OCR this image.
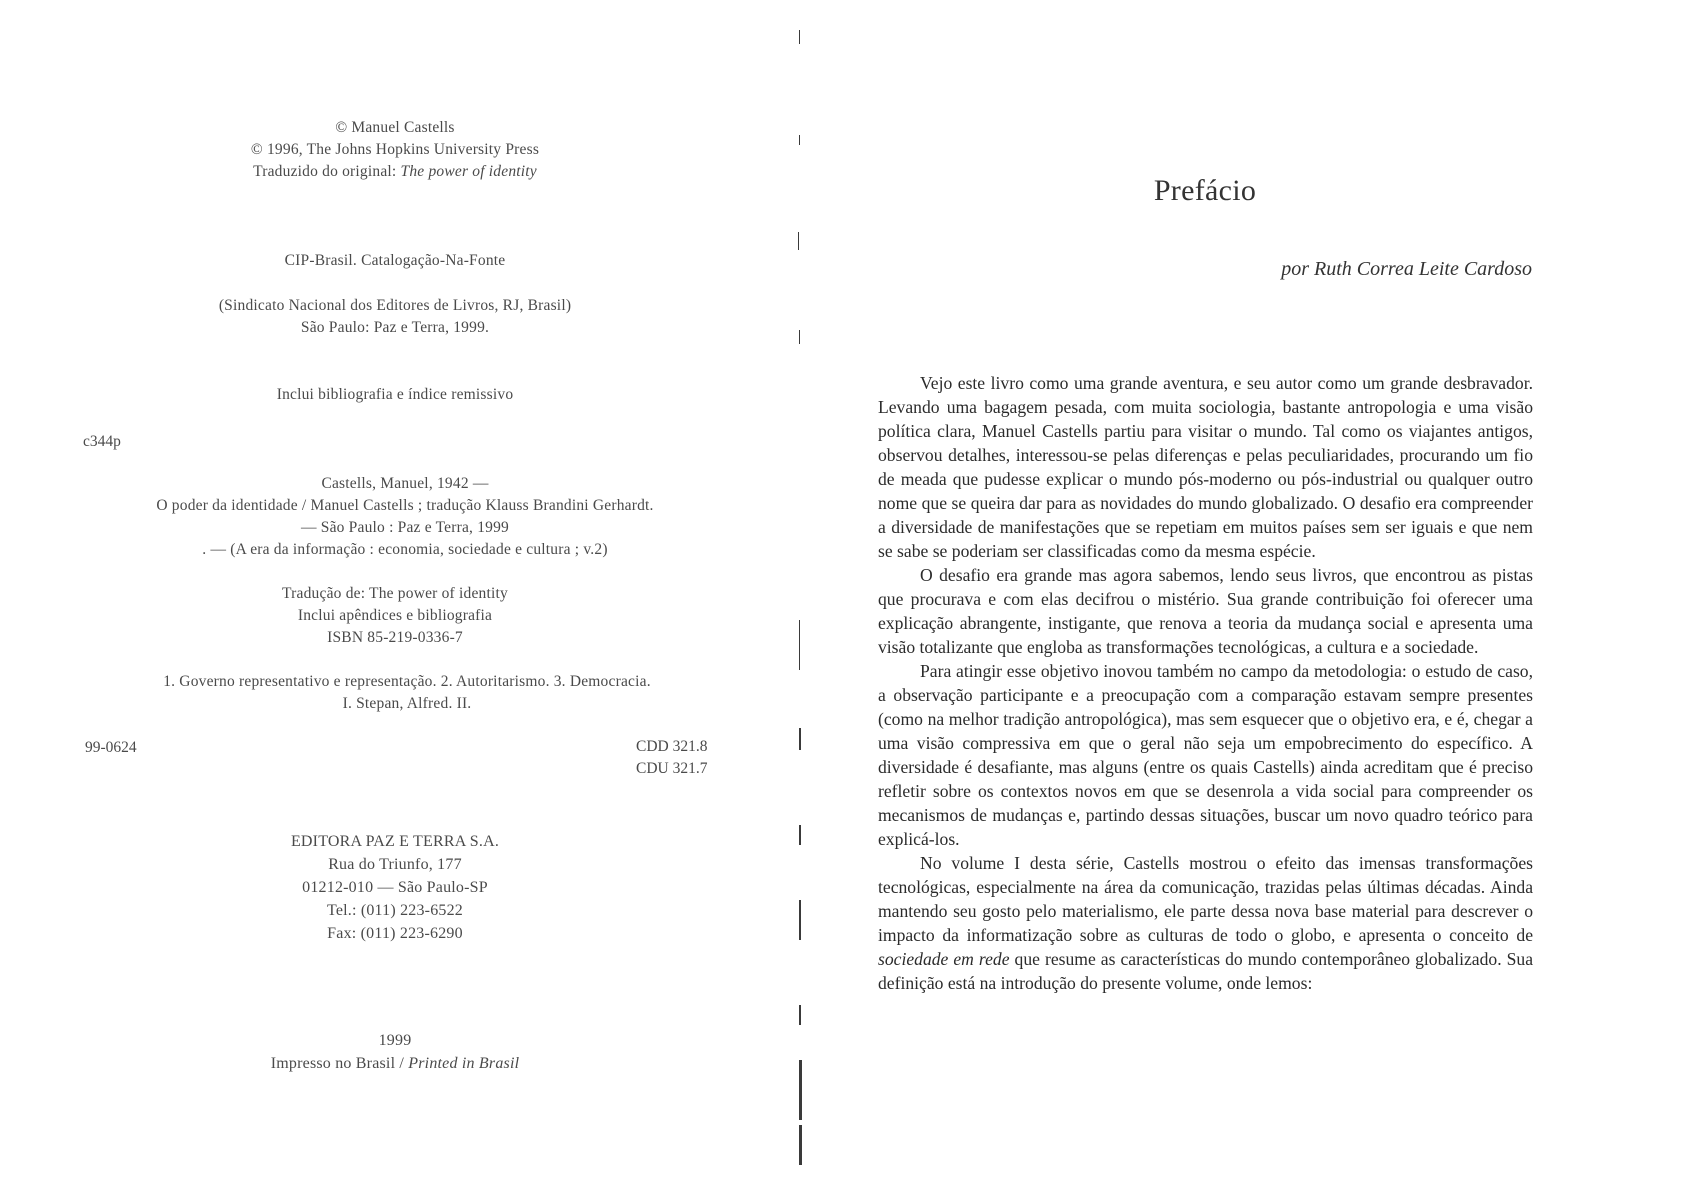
© Manuel Castells
© 1996, The Johns Hopkins University Press
Traduzido do original: The power of identity
CIP-Brasil. Catalogação-Na-Fonte
(Sindicato Nacional dos Editores de Livros, RJ, Brasil)
São Paulo: Paz e Terra, 1999.
Inclui bibliografia e índice remissivo
c344p
Castells, Manuel, 1942 —
O poder da identidade / Manuel Castells ; tradução Klauss Brandini Gerhardt.
— São Paulo : Paz e Terra, 1999
. — (A era da informação : economia, sociedade e cultura ; v.2)
Tradução de: The power of identity
Inclui apêndices e bibliografia
ISBN 85-219-0336-7
1. Governo representativo e representação. 2. Autoritarismo. 3. Democracia.
I. Stepan, Alfred. II.
99-0624	CDD 321.8
CDU 321.7
EDITORA PAZ E TERRA S.A.
Rua do Triunfo, 177
01212-010 — São Paulo-SP
Tel.: (011) 223-6522
Fax: (011) 223-6290
1999
Impresso no Brasil / Printed in Brasil
Prefácio
por Ruth Correa Leite Cardoso

Vejo este livro como uma grande aventura, e seu autor como um grande desbravador. Levando uma bagagem pesada, com muita sociologia, bastante antropologia e uma visão política clara, Manuel Castells partiu para visitar o mundo. Tal como os viajantes antigos, observou detalhes, interessou-se pelas diferenças e pelas peculiaridades, procurando um fio de meada que pudesse explicar o mundo pós-moderno ou pós-industrial ou qualquer outro nome que se queira dar para as novidades do mundo globalizado. O desafio era compreender a diversidade de manifestações que se repetiam em muitos países sem ser iguais e que nem se sabe se poderiam ser classificadas como da mesma espécie.

O desafio era grande mas agora sabemos, lendo seus livros, que encontrou as pistas que procurava e com elas decifrou o mistério. Sua grande contribuição foi oferecer uma explicação abrangente, instigante, que renova a teoria da mudança social e apresenta uma visão totalizante que engloba as transformações tecnológicas, a cultura e a sociedade.

Para atingir esse objetivo inovou também no campo da metodologia: o estudo de caso, a observação participante e a preocupação com a comparação estavam sempre presentes (como na melhor tradição antropológica), mas sem esquecer que o objetivo era, e é, chegar a uma visão compressiva em que o geral não seja um empobrecimento do específico. A diversidade é desafiante, mas alguns (entre os quais Castells) ainda acreditam que é preciso refletir sobre os contextos novos em que se desenrola a vida social para compreender os mecanismos de mudanças e, partindo dessas situações, buscar um novo quadro teórico para explicá-los.

No volume I desta série, Castells mostrou o efeito das imensas transformações tecnológicas, especialmente na área da comunicação, trazidas pelas últimas décadas. Ainda mantendo seu gosto pelo materialismo, ele parte dessa nova base material para descrever o impacto da informatização sobre as culturas de todo o globo, e apresenta o conceito de sociedade em rede que resume as características do mundo contemporâneo globalizado. Sua definição está na introdução do presente volume, onde lemos:
